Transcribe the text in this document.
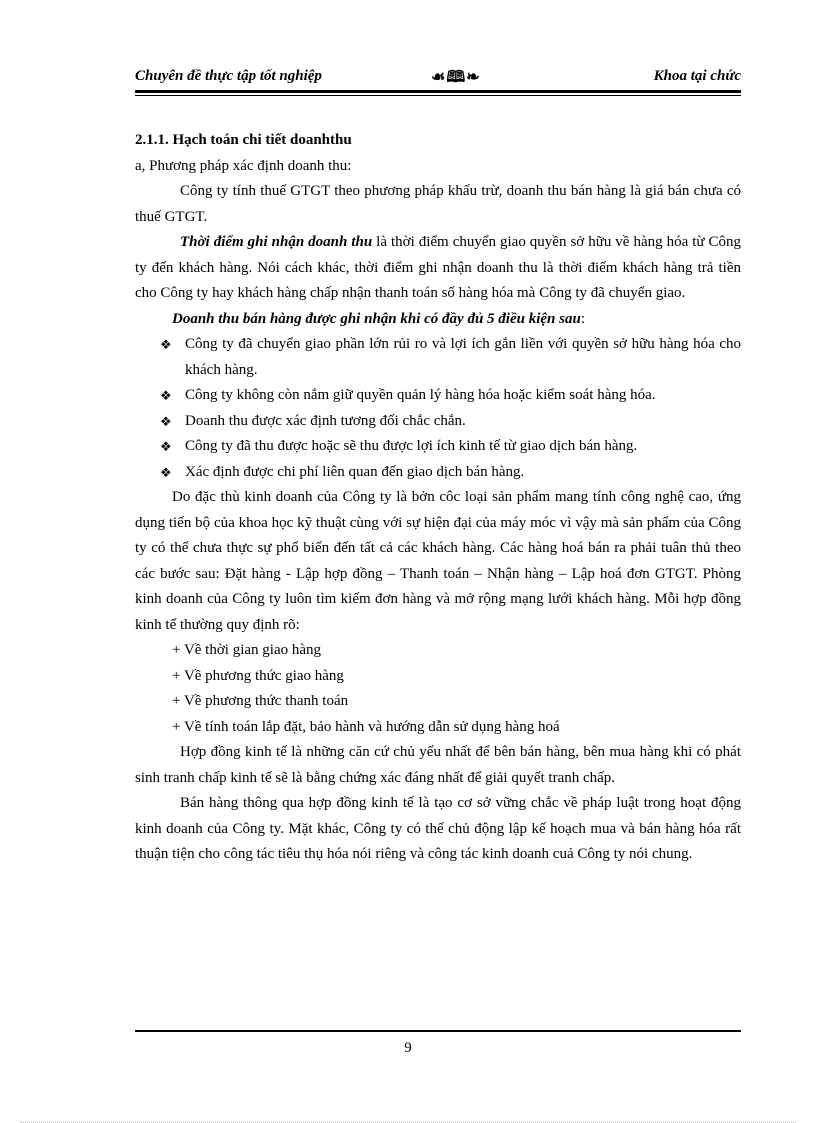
Chuyên đề thực tập tốt nghiệp	☙🕮❧	Khoa tại chức

2.1.1. Hạch toán chi tiết doanhthu

a, Phương pháp xác định doanh thu:

Công ty tính thuế GTGT theo phương pháp khấu trừ, doanh thu bán hàng là giá bán chưa có thuế GTGT.

Thời điểm ghi nhận doanh thu là thời điểm chuyển giao quyền sở hữu về hàng hóa từ Công ty đến khách hàng. Nói cách khác, thời điểm ghi nhận doanh thu là thời điểm khách hàng trả tiền cho Công ty hay khách hàng chấp nhận thanh toán số hàng hóa mà Công ty đã chuyển giao.

Doanh thu bán hàng được ghi nhận khi có đầy đủ 5 điều kiện sau:

❖ Công ty đã chuyển giao phần lớn rủi ro và lợi ích gắn liền với quyền sở hữu hàng hóa cho khách hàng.
❖ Công ty không còn nắm giữ quyền quản lý hàng hóa hoặc kiểm soát hàng hóa.
❖ Doanh thu được xác định tương đối chắc chắn.
❖ Công ty đã thu được hoặc sẽ thu được lợi ích kinh tế từ giao dịch bán hàng.
❖ Xác định được chi phí liên quan đến giao dịch bán hàng.

Do đặc thù kinh doanh của Công ty là bởn côc loại sản phẩm mang tính công nghệ cao, ứng dụng tiến bộ của khoa học kỹ thuật cùng với sự hiện đại của máy móc vì vậy mà sản phẩm của Công ty có thể chưa thực sự phổ biến đến tất cả các khách hàng. Các hàng hoá bán ra phải tuân thủ theo các bước sau: Đặt hàng - Lập hợp đồng – Thanh toán – Nhận hàng – Lập hoá đơn GTGT. Phòng kinh doanh của Công ty luôn tìm kiếm đơn hàng và mở rộng mạng lưới khách hàng. Mỗi hợp đồng kinh tế thường quy định rõ:

+ Về thời gian giao hàng

+ Về phương thức giao hàng

+ Về phương thức thanh toán

+ Về tính toán lắp đặt, bảo hành và hướng dẫn sử dụng hàng hoá

Hợp đồng kinh tế là những căn cứ chủ yếu nhất để bên bán hàng, bên mua hàng khi có phát sinh tranh chấp kinh tế sẽ là bằng chứng xác đáng nhất để giải quyết tranh chấp.

Bán hàng thông qua hợp đồng kinh tế là tạo cơ sở vững chắc về pháp luật trong hoạt động kinh doanh của Công ty. Mặt khác, Công ty có thể chủ động lập kế hoạch mua và bán hàng hóa rất thuận tiện cho công tác tiêu thụ hóa nói riêng và công tác kinh doanh cuả Công ty nói chung.

9
